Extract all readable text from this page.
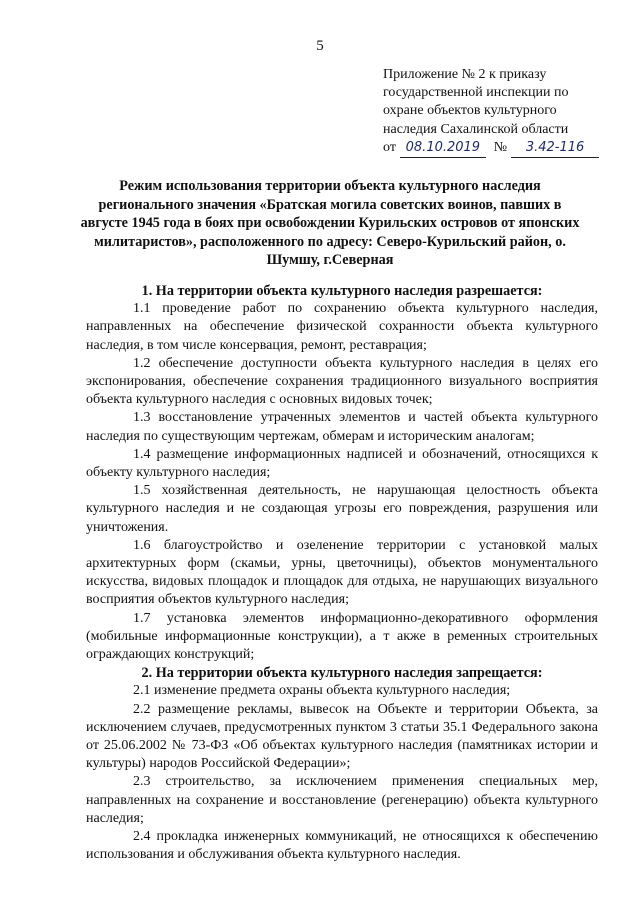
5
Приложение № 2 к приказу
государственной инспекции по
охране объектов культурного
наследия Сахалинской области
от 08.10.2019 №	3.42-116
Режим использования территории объекта культурного наследия регионального значения «Братская могила советских воинов, павших в августе 1945 года в боях при освобождении Курильских островов от японских милитаристов», расположенного по адресу: Северо-Курильский район, о. Шумшу, г.Северная
1. На территории объекта культурного наследия разрешается:

1.1 проведение работ по сохранению объекта культурного наследия, направленных на обеспечение физической сохранности объекта культурного наследия, в том числе консервация, ремонт, реставрация;

1.2 обеспечение доступности объекта культурного наследия в целях его экспонирования, обеспечение сохранения традиционного визуального восприятия объекта культурного наследия с основных видовых точек;

1.3 восстановление утраченных элементов и частей объекта культурного наследия по существующим чертежам, обмерам и историческим аналогам;

1.4 размещение информационных надписей и обозначений, относящихся к объекту культурного наследия;

1.5 хозяйственная деятельность, не нарушающая целостность объекта культурного наследия и не создающая угрозы его повреждения, разрушения или уничтожения.

1.6 благоустройство и озеленение территории с установкой малых архитектурных форм (скамьи, урны, цветочницы), объектов монументального искусства, видовых площадок и площадок для отдыха, не нарушающих визуального восприятия объектов культурного наследия;

1.7 установка элементов информационно-декоративного оформления (мобильные информационные конструкции), а т акже в ременных строительных ограждающих конструкций;

2. На территории объекта культурного наследия запрещается:

2.1 изменение предмета охраны объекта культурного наследия;

2.2 размещение рекламы, вывесок на Объекте и территории Объекта, за исключением случаев, предусмотренных пунктом 3 статьи 35.1 Федерального закона от 25.06.2002 № 73-ФЗ «Об объектах культурного наследия (памятниках истории и культуры) народов Российской Федерации»;

2.3 строительство, за исключением применения специальных мер, направленных на сохранение и восстановление (регенерацию) объекта культурного наследия;

2.4 прокладка инженерных коммуникаций, не относящихся к обеспечению использования и обслуживания объекта культурного наследия.
